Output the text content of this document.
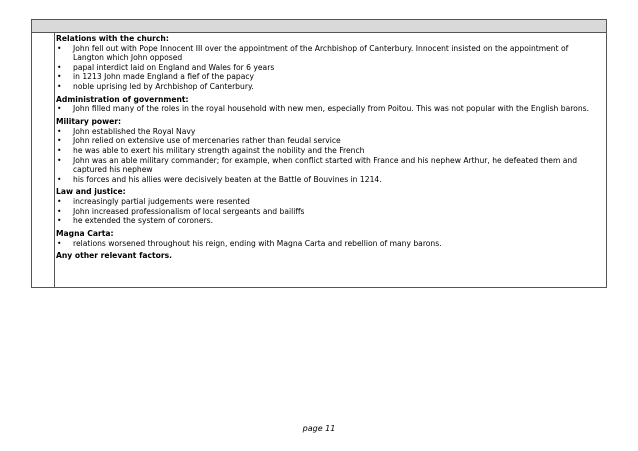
Relations with the church:
• John fell out with Pope Innocent III over the appointment of the Archbishop of Canterbury. Innocent insisted on the appointment of Langton which John opposed
• papal interdict laid on England and Wales for 6 years
• in 1213 John made England a fief of the papacy
• noble uprising led by Archbishop of Canterbury.
Administration of government:
• John filled many of the roles in the royal household with new men, especially from Poitou. This was not popular with the English barons.
Military power:
• John established the Royal Navy
• John relied on extensive use of mercenaries rather than feudal service
• he was able to exert his military strength against the nobility and the French
• John was an able military commander; for example, when conflict started with France and his nephew Arthur, he defeated them and captured his nephew
• his forces and his allies were decisively beaten at the Battle of Bouvines in 1214.
Law and justice:
• increasingly partial judgements were resented
• John increased professionalism of local sergeants and bailiffs
• he extended the system of coroners.
Magna Carta:
• relations worsened throughout his reign, ending with Magna Carta and rebellion of many barons.
Any other relevant factors.
page 11
